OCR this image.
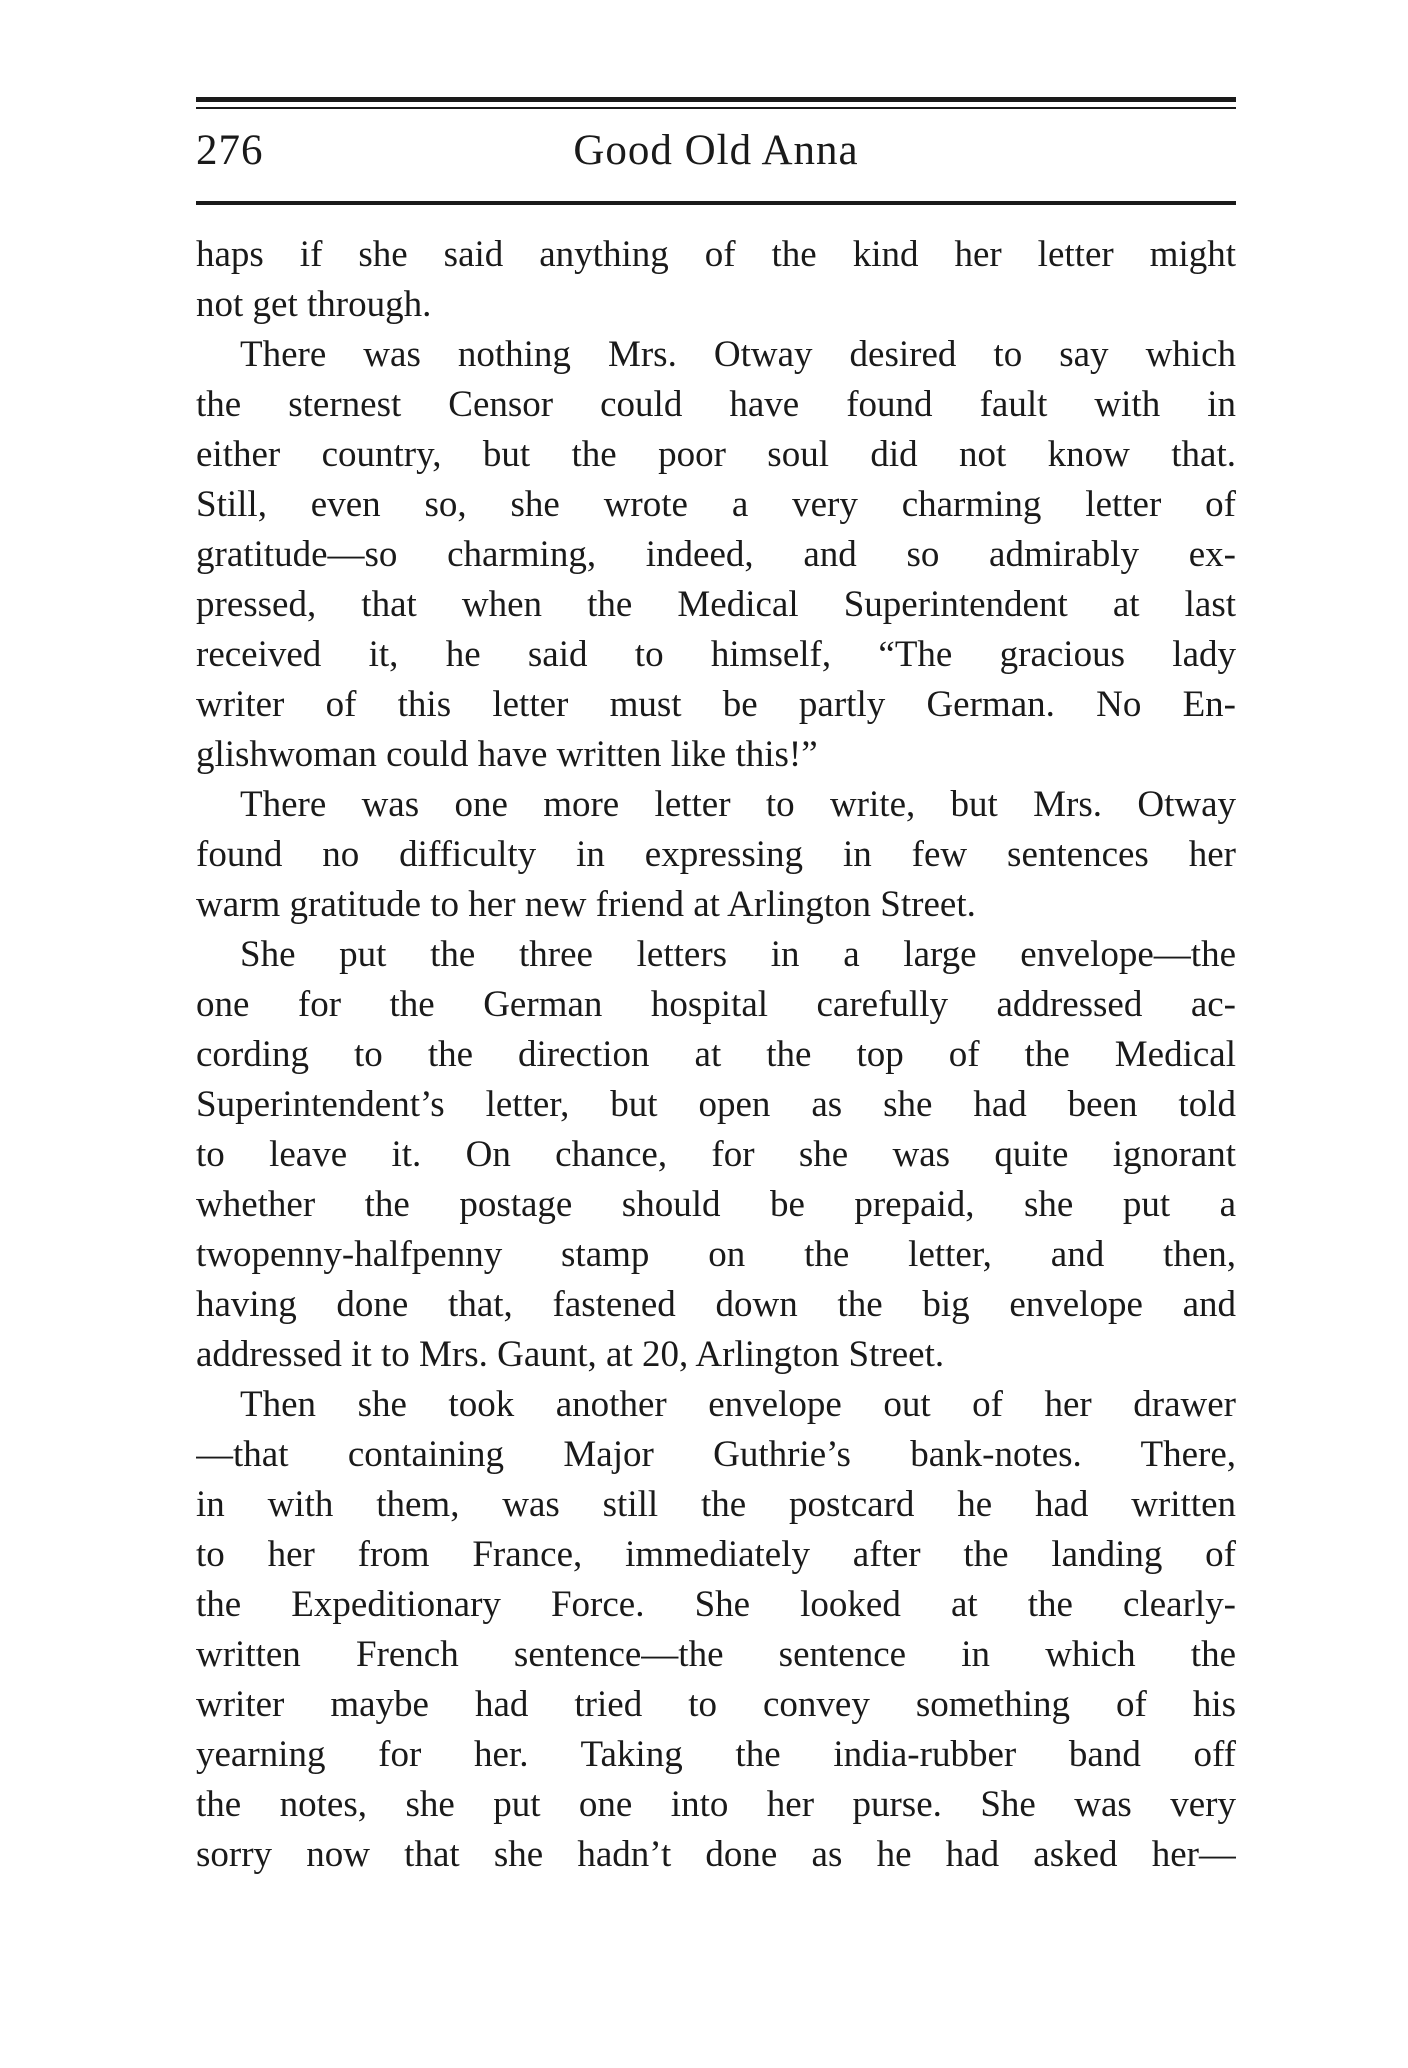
276	Good Old Anna
haps if she said anything of the kind her letter might
not get through.
There was nothing Mrs. Otway desired to say which
the sternest Censor could have found fault with in
either country, but the poor soul did not know that.
Still, even so, she wrote a very charming letter of
gratitude—so charming, indeed, and so admirably ex-
pressed, that when the Medical Superintendent at last
received it, he said to himself, “The gracious lady
writer of this letter must be partly German. No En-
glishwoman could have written like this!”
There was one more letter to write, but Mrs. Otway
found no difficulty in expressing in few sentences her
warm gratitude to her new friend at Arlington Street.
She put the three letters in a large envelope—the
one for the German hospital carefully addressed ac-
cording to the direction at the top of the Medical
Superintendent’s letter, but open as she had been told
to leave it. On chance, for she was quite ignorant
whether the postage should be prepaid, she put a
twopenny-halfpenny stamp on the letter, and then,
having done that, fastened down the big envelope and
addressed it to Mrs. Gaunt, at 20, Arlington Street.
Then she took another envelope out of her drawer
—that containing Major Guthrie’s bank-notes. There,
in with them, was still the postcard he had written
to her from France, immediately after the landing of
the Expeditionary Force. She looked at the clearly-
written French sentence—the sentence in which the
writer maybe had tried to convey something of his
yearning for her. Taking the india-rubber band off
the notes, she put one into her purse. She was very
sorry now that she hadn’t done as he had asked her—
